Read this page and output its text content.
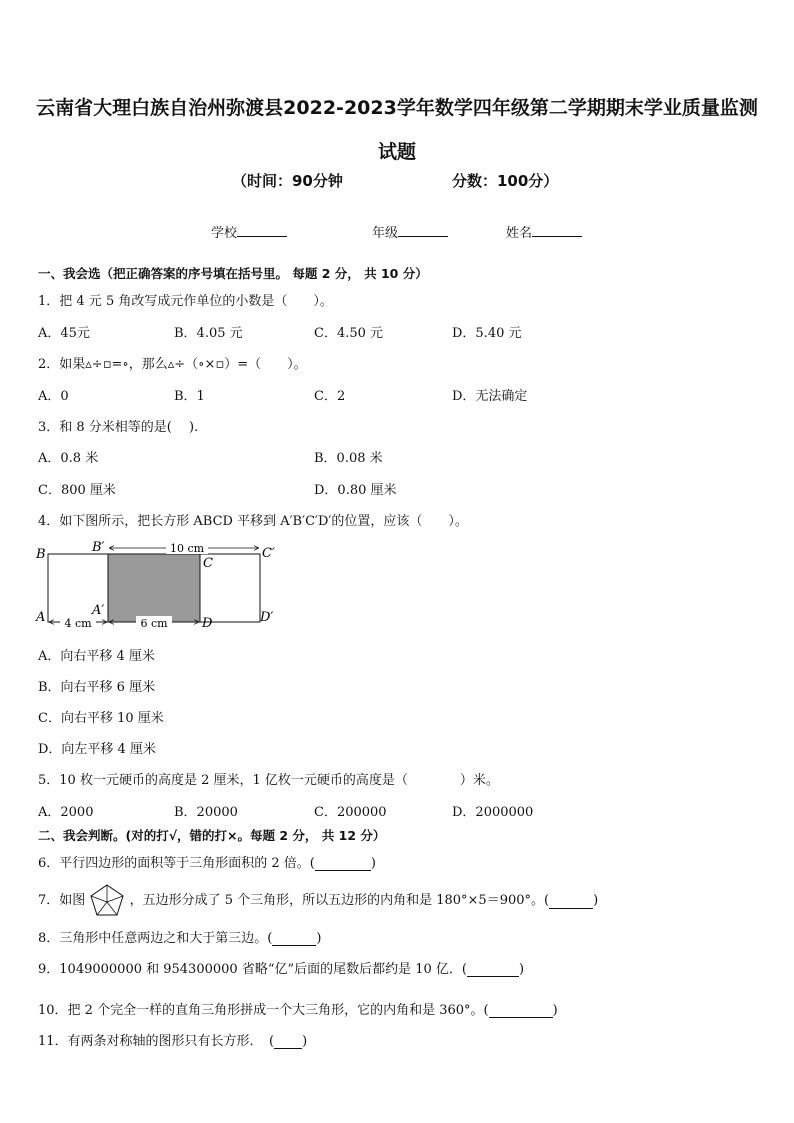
云南省大理白族自治州弥渡县2022-2023学年数学四年级第二学期期末学业质量监测
试题
（时间：90分钟	分数：100分）
学校	年级	姓名
一、我会选（把正确答案的序号填在括号里。 每题 2 分， 共 10 分）
1．把 4 元 5 角改写成元作单位的小数是（　　）。
A．45元	B．4.05 元	C．4.50 元	D．5.40 元
2．如果▵÷▫=∘，那么▵÷（∘×▫）=（　　）。
A．0	B．1	C．2	D．无法确定
3．和 8 分米相等的是(　 ).
A．0.8 米	B．0.08 米
C．800 厘米	D．0.80 厘米
4．如下图所示，把长方形 ABCD 平移到 A′B′C′D′的位置，应该（　　）。
10 cm
4 cm	6 cm
B	B′
C
C′
A	A′
D	D′
A．向右平移 4 厘米
B．向右平移 6 厘米
C．向右平移 10 厘米
D．向左平移 4 厘米
5．10 枚一元硬币的高度是 2 厘米，1 亿枚一元硬币的高度是（　　　　）米。
A．2000	B．20000	C．200000	D．2000000
二、我会判断。(对的打√，错的打×。每题 2 分， 共 12 分）
6．平行四边形的面积等于三角形面积的 2 倍。(	)
7．如图	，五边形分成了 5 个三角形，所以五边形的内角和是 180°×5＝900°。(	)
8．三角形中任意两边之和大于第三边。(	)
9．1049000000 和 954300000 省略“亿”后面的尾数后都约是 10 亿．(	)
10．把 2 个完全一样的直角三角形拼成一个大三角形，它的内角和是 360°。(	)
11．有两条对称轴的图形只有长方形．　( )
